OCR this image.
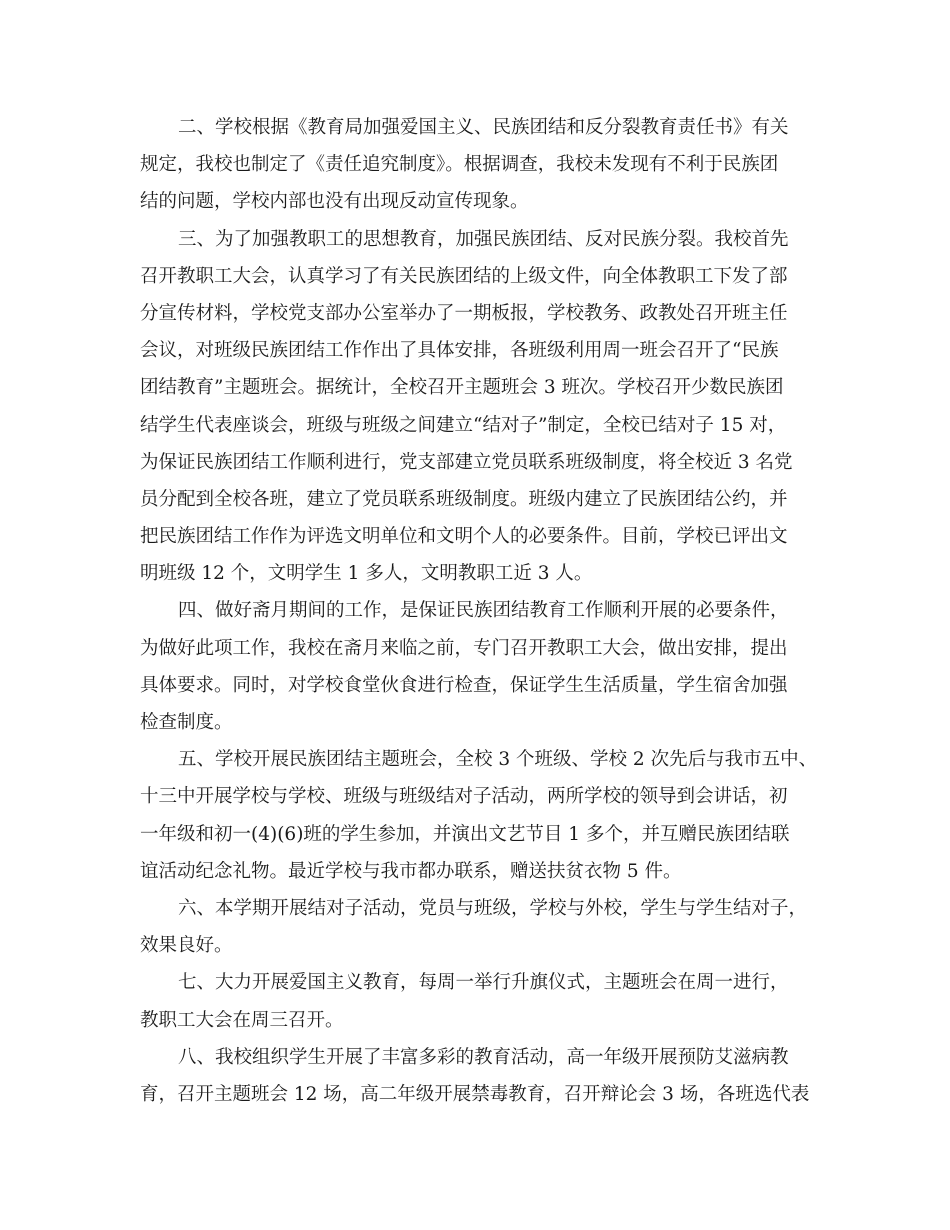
二、学校根据《教育局加强爱国主义、民族团结和反分裂教育责任书》有关
规定，我校也制定了《责任追究制度》。根据调查，我校未发现有不利于民族团
结的问题，学校内部也没有出现反动宣传现象。
三、为了加强教职工的思想教育，加强民族团结、反对民族分裂。我校首先
召开教职工大会，认真学习了有关民族团结的上级文件，向全体教职工下发了部
分宣传材料，学校党支部办公室举办了一期板报，学校教务、政教处召开班主任
会议，对班级民族团结工作作出了具体安排，各班级利用周一班会召开了“民族
团结教育”主题班会。据统计，全校召开主题班会 3 班次。学校召开少数民族团
结学生代表座谈会，班级与班级之间建立“结对子”制定，全校已结对子 15 对，
为保证民族团结工作顺利进行，党支部建立党员联系班级制度，将全校近 3 名党
员分配到全校各班，建立了党员联系班级制度。班级内建立了民族团结公约，并
把民族团结工作作为评选文明单位和文明个人的必要条件。目前，学校已评出文
明班级 12 个，文明学生 1 多人，文明教职工近 3 人。
四、做好斋月期间的工作，是保证民族团结教育工作顺利开展的必要条件，
为做好此项工作，我校在斋月来临之前，专门召开教职工大会，做出安排，提出
具体要求。同时，对学校食堂伙食进行检查，保证学生生活质量，学生宿舍加强
检查制度。
五、学校开展民族团结主题班会，全校 3 个班级、学校 2 次先后与我市五中、
十三中开展学校与学校、班级与班级结对子活动，两所学校的领导到会讲话，初
一年级和初一(4)(6)班的学生参加，并演出文艺节目 1 多个，并互赠民族团结联
谊活动纪念礼物。最近学校与我市都办联系，赠送扶贫衣物 5 件。
六、本学期开展结对子活动，党员与班级，学校与外校，学生与学生结对子，
效果良好。
七、大力开展爱国主义教育，每周一举行升旗仪式，主题班会在周一进行，
教职工大会在周三召开。
八、我校组织学生开展了丰富多彩的教育活动，高一年级开展预防艾滋病教
育，召开主题班会 12 场，高二年级开展禁毒教育，召开辩论会 3 场，各班选代表
